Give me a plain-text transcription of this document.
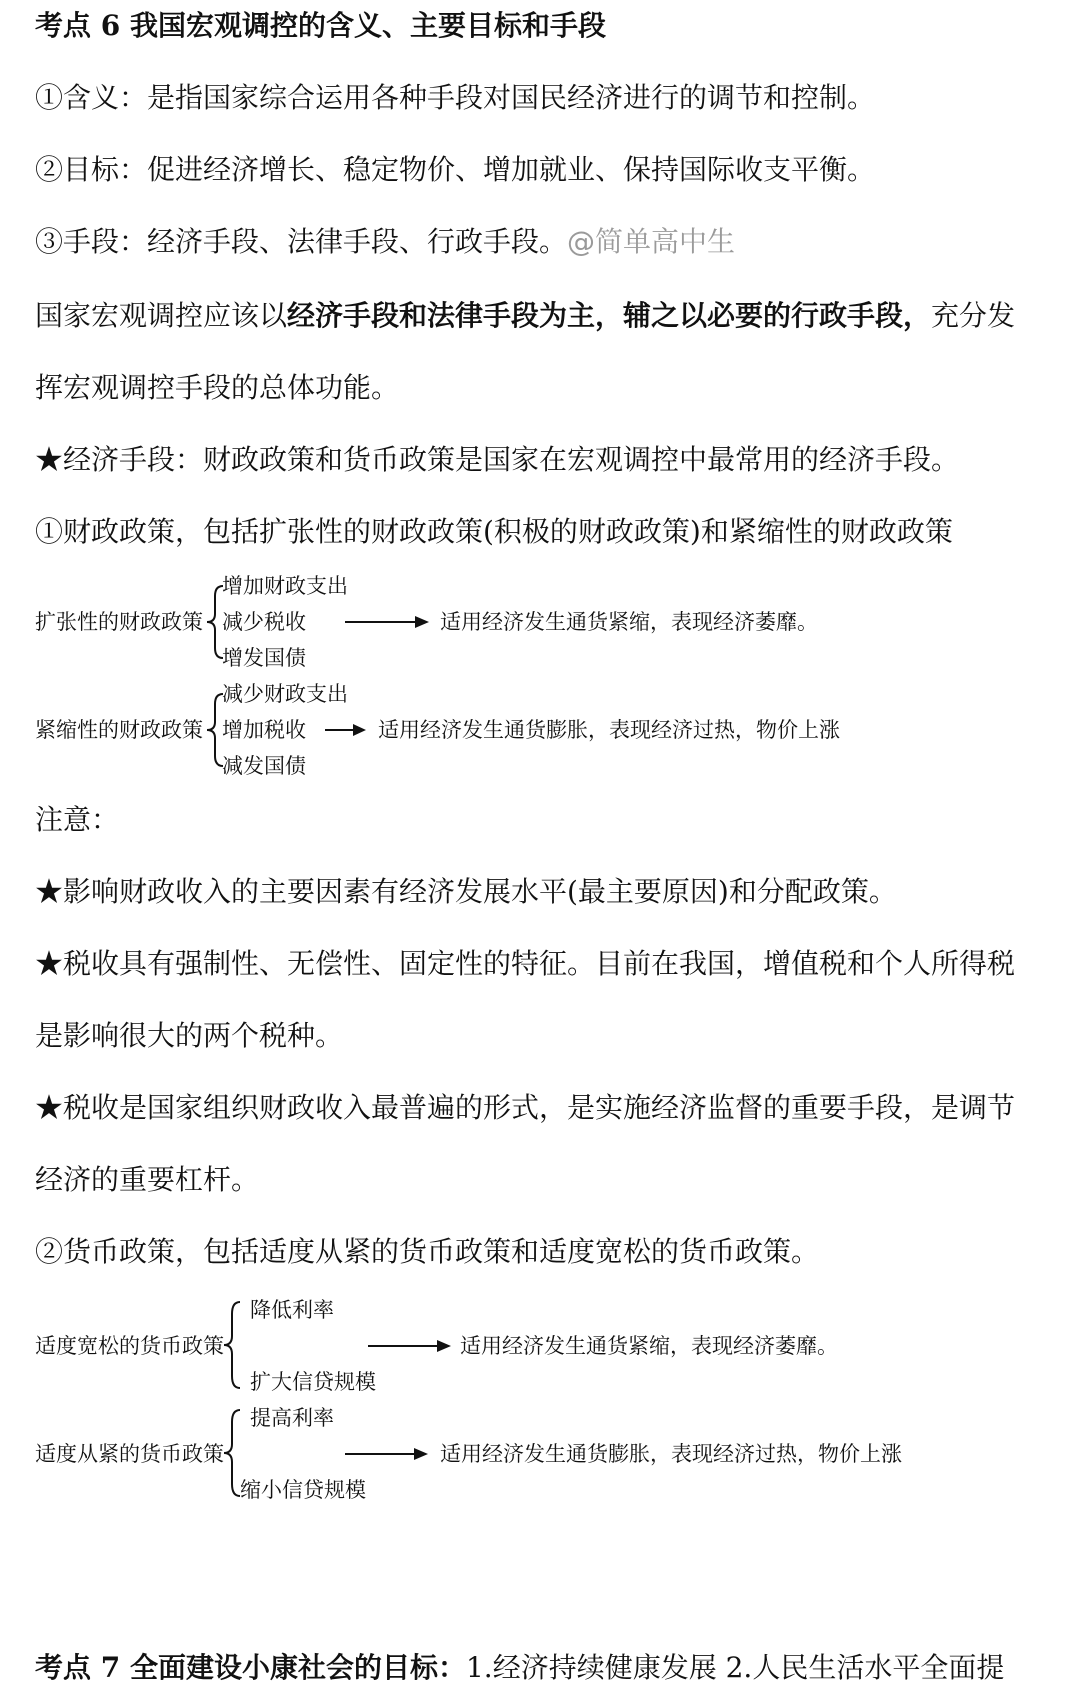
考点 6 我国宏观调控的含义、主要目标和手段
①含义：是指国家综合运用各种手段对国民经济进行的调节和控制。
②目标：促进经济增长、稳定物价、增加就业、保持国际收支平衡。
③手段：经济手段、法律手段、行政手段。@简单高中生
国家宏观调控应该以经济手段和法律手段为主，辅之以必要的行政手段，充分发
挥宏观调控手段的总体功能。
★经济手段：财政政策和货币政策是国家在宏观调控中最常用的经济手段。
①财政政策，包括扩张性的财政政策(积极的财政政策)和紧缩性的财政政策
扩张性的财政政策
增加财政支出
减少税收
增发国债
适用经济发生通货紧缩，表现经济萎靡。
紧缩性的财政政策
减少财政支出
增加税收
减发国债
适用经济发生通货膨胀，表现经济过热，物价上涨
注意：
★影响财政收入的主要因素有经济发展水平(最主要原因)和分配政策。
★税收具有强制性、无偿性、固定性的特征。目前在我国，增值税和个人所得税
是影响很大的两个税种。
★税收是国家组织财政收入最普遍的形式，是实施经济监督的重要手段，是调节
经济的重要杠杆。
②货币政策，包括适度从紧的货币政策和适度宽松的货币政策。
适度宽松的货币政策
降低利率
扩大信贷规模
适用经济发生通货紧缩，表现经济萎靡。
适度从紧的货币政策
提高利率
缩小信贷规模
适用经济发生通货膨胀，表现经济过热，物价上涨
考点 7 全面建设小康社会的目标：1.经济持续健康发展 2.人民生活水平全面提
